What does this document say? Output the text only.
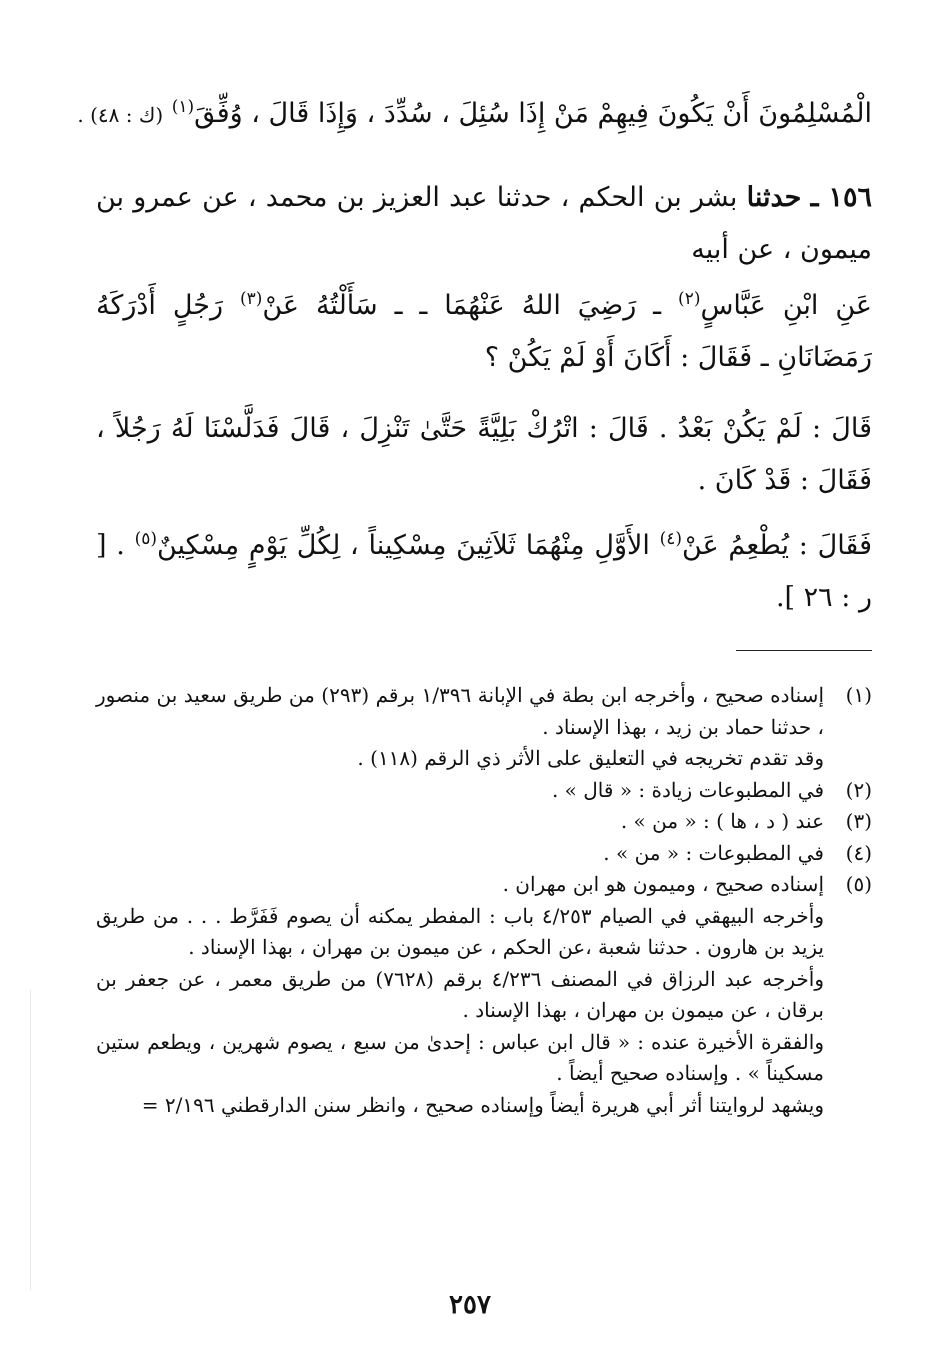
الْمُسْلِمُونَ أَنْ يَكُونَ فِيهِمْ مَنْ إِذَا سُئِلَ ، سُدِّدَ ، وَإِذَا قَالَ ، وُفِّقَ$^{(١)}$ (ك : ٤٨) .

١٥٦ ـ حدثنا بشر بن الحكم ، حدثنا عبد العزيز بن محمد ، عن عمرو بن ميمون ، عن أبيه

عَنِ ابْنِ عَبَّاسٍ$^{(٢)}$ ـ رَضِيَ اللهُ عَنْهُمَا ـ ـ سَأَلْتُهُ عَنْ$^{(٣)}$ رَجُلٍ أَدْرَكَهُ رَمَضَانَانِ ـ فَقَالَ : أَكَانَ أَوْ لَمْ يَكُنْ ؟

قَالَ : لَمْ يَكُنْ بَعْدُ . قَالَ : اتْرُكْ بَلِيَّةً حَتَّىٰ تَنْزِلَ ، قَالَ فَدَلَّسْنَا لَهُ رَجُلاً ، فَقَالَ : قَدْ كَانَ .

فَقَالَ : يُطْعِمُ عَنْ$^{(٤)}$ الأَوَّلِ مِنْهُمَا ثَلاَثِينَ مِسْكِيناً ، لِكُلِّ يَوْمٍ مِسْكِينٌ$^{(٥)}$ . [ ر : ٢٦ ].

(١)
إسناده صحيح ، وأخرجه ابن بطة في الإبانة ١/٣٩٦ برقم (٢٩٣) من طريق سعيد بن منصور ، حدثنا حماد بن زيد ، بهذا الإسناد .
وقد تقدم تخريجه في التعليق على الأثر ذي الرقم (١١٨) .
(٢)
في المطبوعات زيادة : « قال » .
(٣)
عند ( د ، ها ) : « من » .
(٤)
في المطبوعات : « من » .
(٥)
إسناده صحيح ، وميمون هو ابن مهران .
وأخرجه البيهقي في الصيام ٤/٢٥٣ باب : المفطر يمكنه أن يصوم فَفَرَّط . . . من طريق يزيد بن هارون . حدثنا شعبة ،عن الحكم ، عن ميمون بن مهران ، بهذا الإسناد .
وأخرجه عبد الرزاق في المصنف ٤/٢٣٦ برقم (٧٦٢٨) من طريق معمر ، عن جعفر بن برقان ، عن ميمون بن مهران ، بهذا الإسناد .
والفقرة الأخيرة عنده : « قال ابن عباس : إحدىٰ من سبع ، يصوم شهرين ، ويطعم ستين مسكيناً » . وإسناده صحيح أيضاً .
ويشهد لروايتنا أثر أبي هريرة أيضاً وإسناده صحيح ، وانظر سنن الدارقطني ٢/١٩٦ =
٢٥٧
